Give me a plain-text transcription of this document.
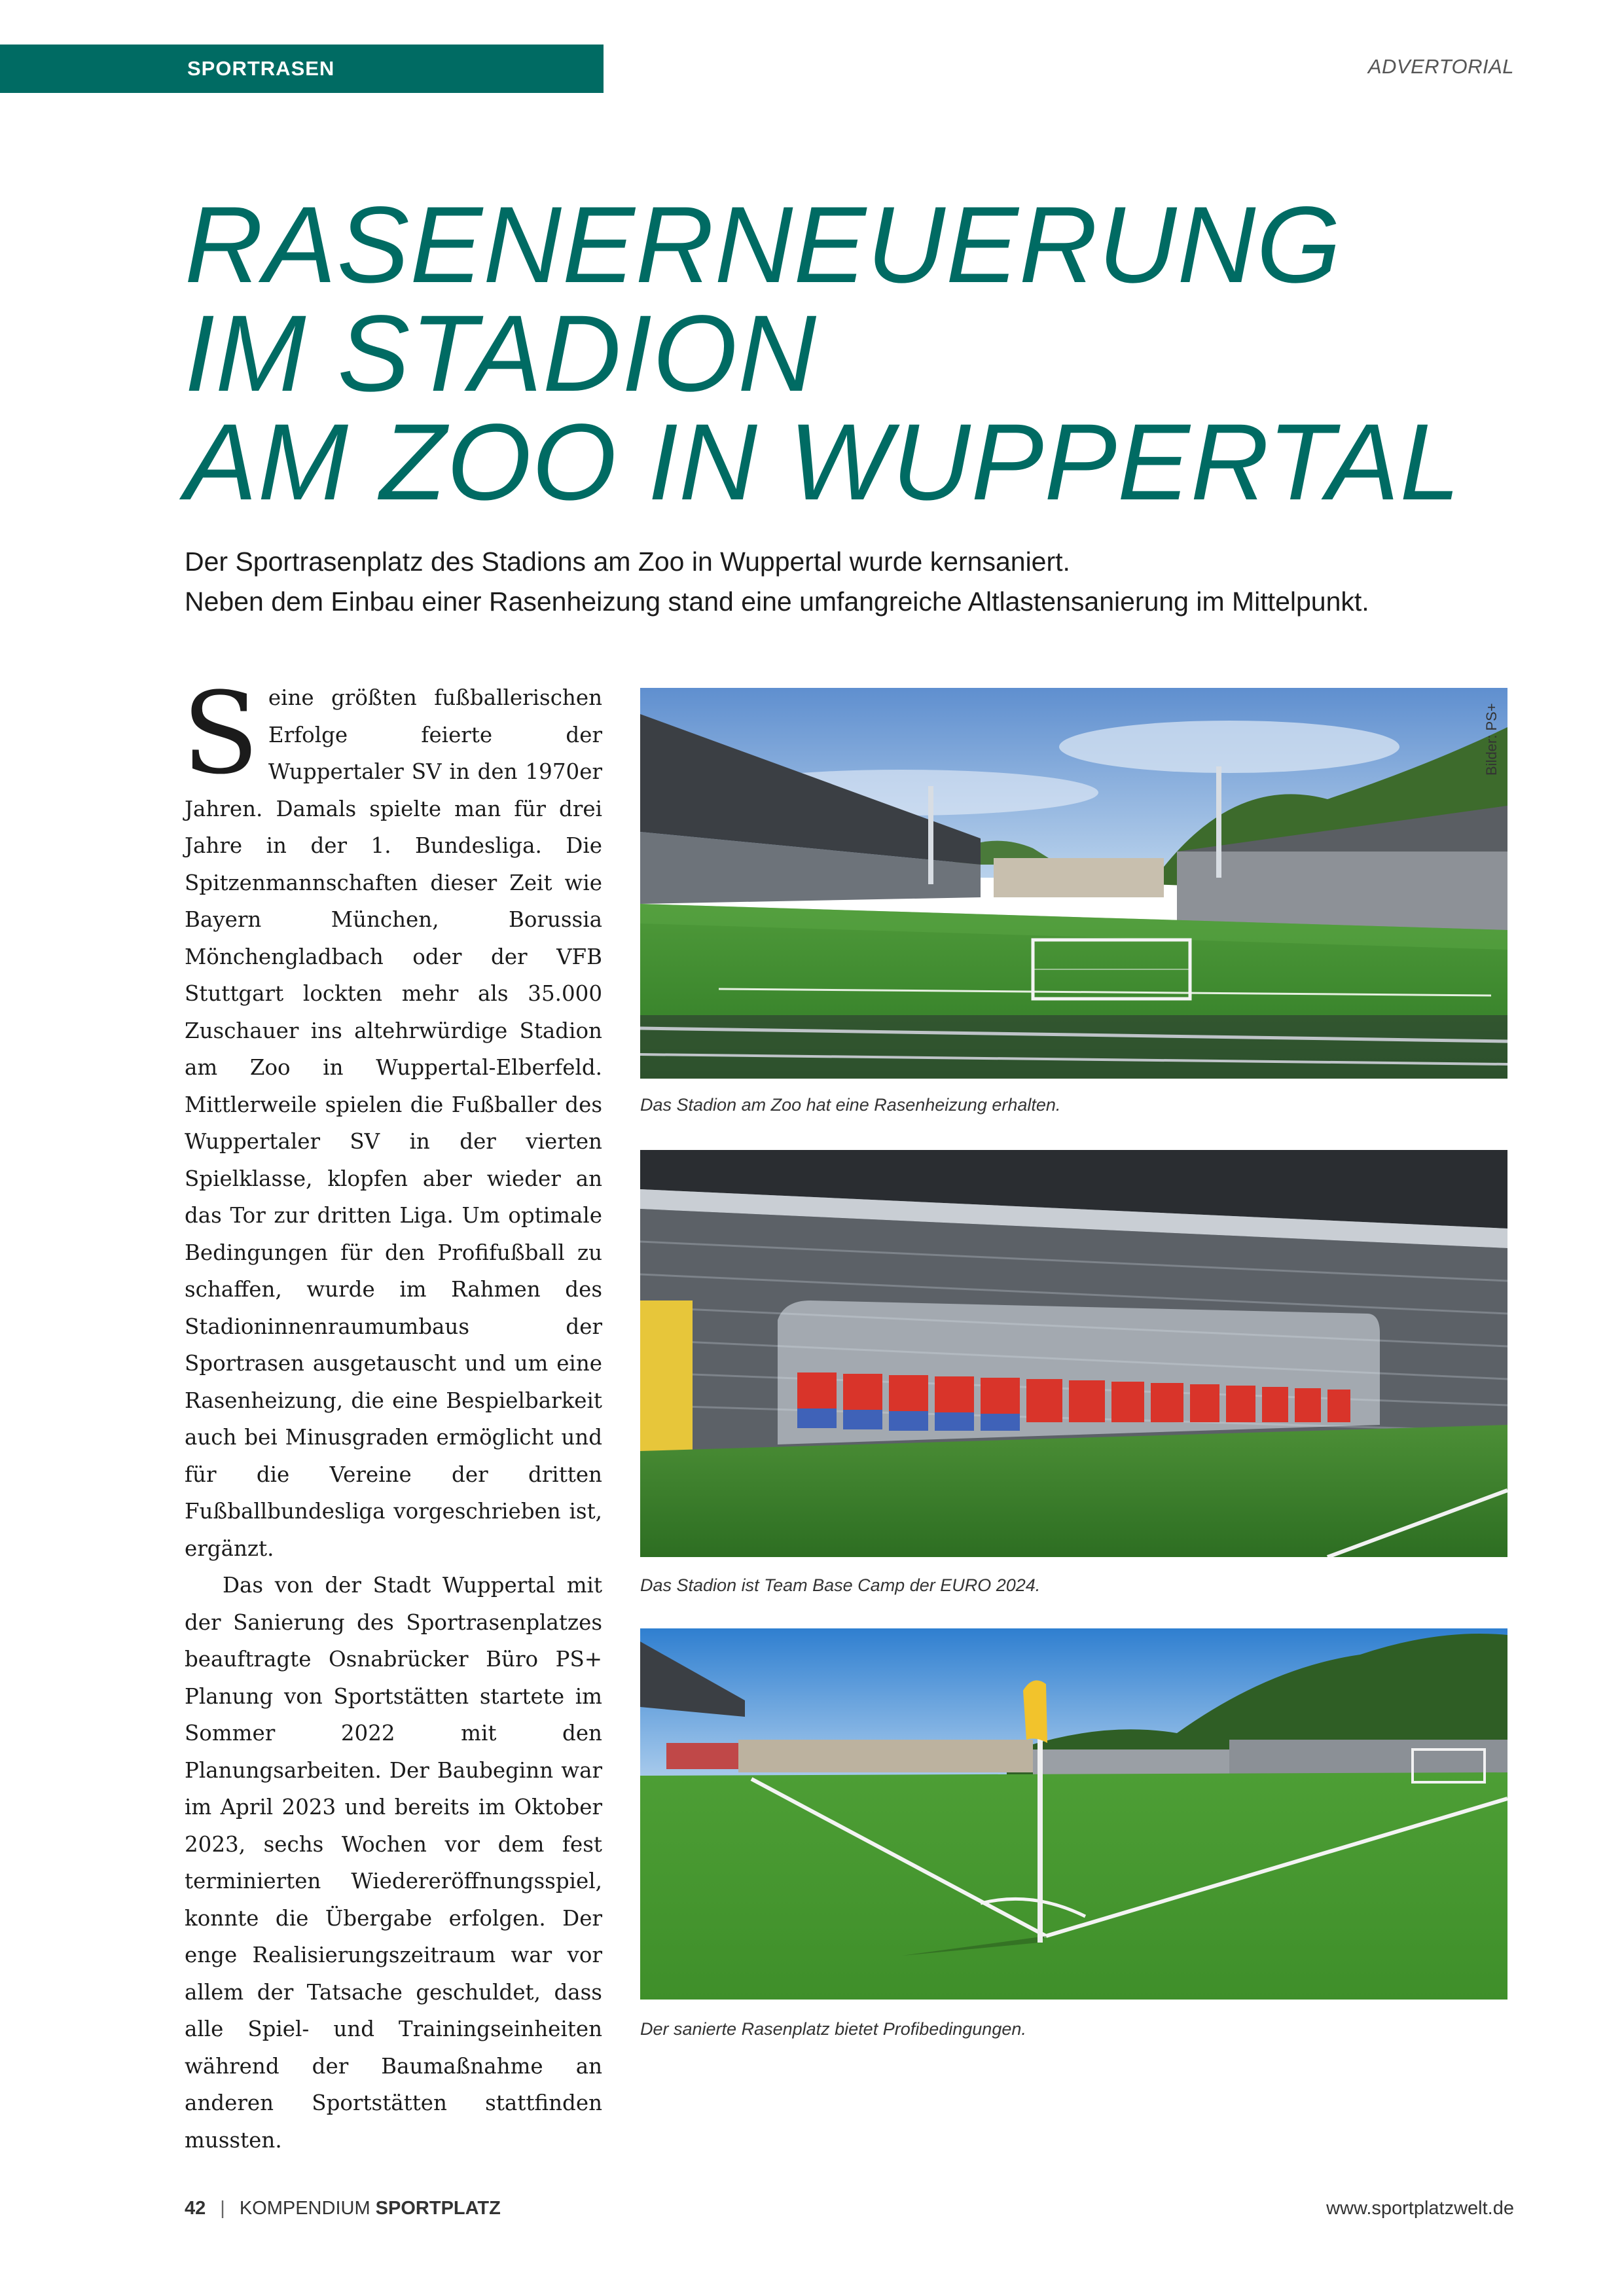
SPORTRASEN	ADVERTORIAL
RASENERNEUERUNG
IM STADION
AM ZOO IN WUPPERTAL
Der Sportrasenplatz des Stadions am Zoo in Wuppertal wurde kernsaniert.
Neben dem Einbau einer Rasenheizung stand eine umfangreiche Altlastensanierung im Mittelpunkt.

Seine größten fußballerischen Erfolge feierte der Wuppertaler SV in den 1970er Jahren. Damals spielte man für drei Jahre in der 1. Bundesliga. Die Spitzenmannschaften dieser Zeit wie Bayern München, Borussia Mönchengladbach oder der VFB Stuttgart lockten mehr als 35.000 Zuschauer ins altehrwürdige Stadion am Zoo in Wuppertal-Elberfeld. Mittlerweile spielen die Fußballer des Wuppertaler SV in der vierten Spielklasse, klopfen aber wieder an das Tor zur dritten Liga. Um optimale Bedingungen für den Profifußball zu schaffen, wurde im Rahmen des Stadioninnenraumumbaus der Sportrasen ausgetauscht und um eine Rasenheizung, die eine Bespielbarkeit auch bei Minusgraden ermöglicht und für die Vereine der dritten Fußballbundesliga vorgeschrieben ist, ergänzt.

Das von der Stadt Wuppertal mit der Sanierung des Sportrasenplatzes beauftragte Osnabrücker Büro PS+ Planung von Sportstätten startete im Sommer 2022 mit den Planungsarbeiten. Der Baubeginn war im April 2023 und bereits im Oktober 2023, sechs Wochen vor dem fest terminierten Wiedereröffnungsspiel, konnte die Übergabe erfolgen. Der enge Realisierungszeitraum war vor allem der Tatsache geschuldet, dass alle Spiel- und Trainingseinheiten während der Baumaßnahme an anderen Sportstätten stattfinden mussten.

Bilder: PS+
Das Stadion am Zoo hat eine Rasenheizung erhalten.
Das Stadion ist Team Base Camp der EURO 2024.
Der sanierte Rasenplatz bietet Profibedingungen.
42 | KOMPENDIUM SPORTPLATZ	www.sportplatzwelt.de
